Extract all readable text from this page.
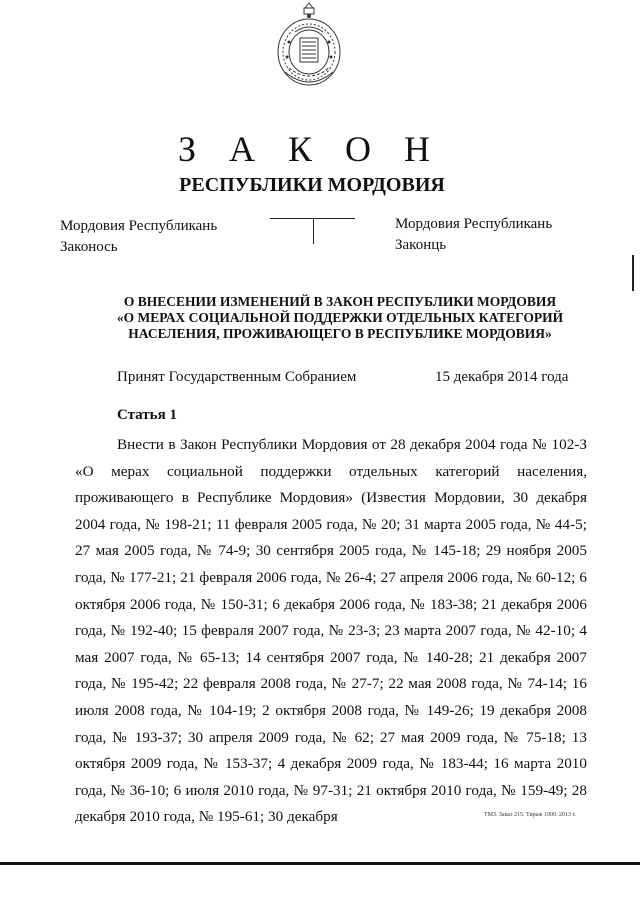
З А К О Н
РЕСПУБЛИКИ МОРДОВИЯ
Мордовия Республикань
Законось
Мордовия Республикань
Законць
О ВНЕСЕНИИ ИЗМЕНЕНИЙ В ЗАКОН РЕСПУБЛИКИ МОРДОВИЯ
«О МЕРАХ СОЦИАЛЬНОЙ ПОДДЕРЖКИ ОТДЕЛЬНЫХ КАТЕГОРИЙ
НАСЕЛЕНИЯ, ПРОЖИВАЮЩЕГО В РЕСПУБЛИКЕ МОРДОВИЯ»
Принят Государственным Собранием	15 декабря 2014 года
Статья 1
Внести в Закон Республики Мордовия от 28 декабря 2004 года № 102-З «О мерах социальной поддержки отдельных категорий населения, проживающего в Республике Мордовия» (Известия Мордовии, 30 декабря 2004 года, № 198-21; 11 февраля 2005 года, № 20; 31 марта 2005 года, № 44-5; 27 мая 2005 года, № 74-9; 30 сентября 2005 года, № 145-18; 29 ноября 2005 года, № 177-21; 21 февраля 2006 года, № 26-4; 27 апреля 2006 года, № 60-12; 6 октября 2006 года, № 150-31; 6 декабря 2006 года, № 183-38; 21 декабря 2006 года, № 192-40; 15 февраля 2007 года, № 23-3; 23 марта 2007 года, № 42-10; 4 мая 2007 года, № 65-13; 14 сентября 2007 года, № 140-28; 21 декабря 2007 года, № 195-42; 22 февраля 2008 года, № 27-7; 22 мая 2008 года, № 74-14; 16 июля 2008 года, № 104-19; 2 октября 2008 года, № 149-26; 19 декабря 2008 года, № 193-37; 30 апреля 2009 года, № 62; 27 мая 2009 года, № 75-18; 13 октября 2009 года, № 153-37; 4 декабря 2009 года, № 183-44; 16 марта 2010 года, № 36-10; 6 июля 2010 года, № 97-31; 21 октября 2010 года, № 159-49; 28 декабря 2010 года, № 195-61; 30 декабря	ТМЗ. Заказ 215. Тираж 1000. 2013 г.
